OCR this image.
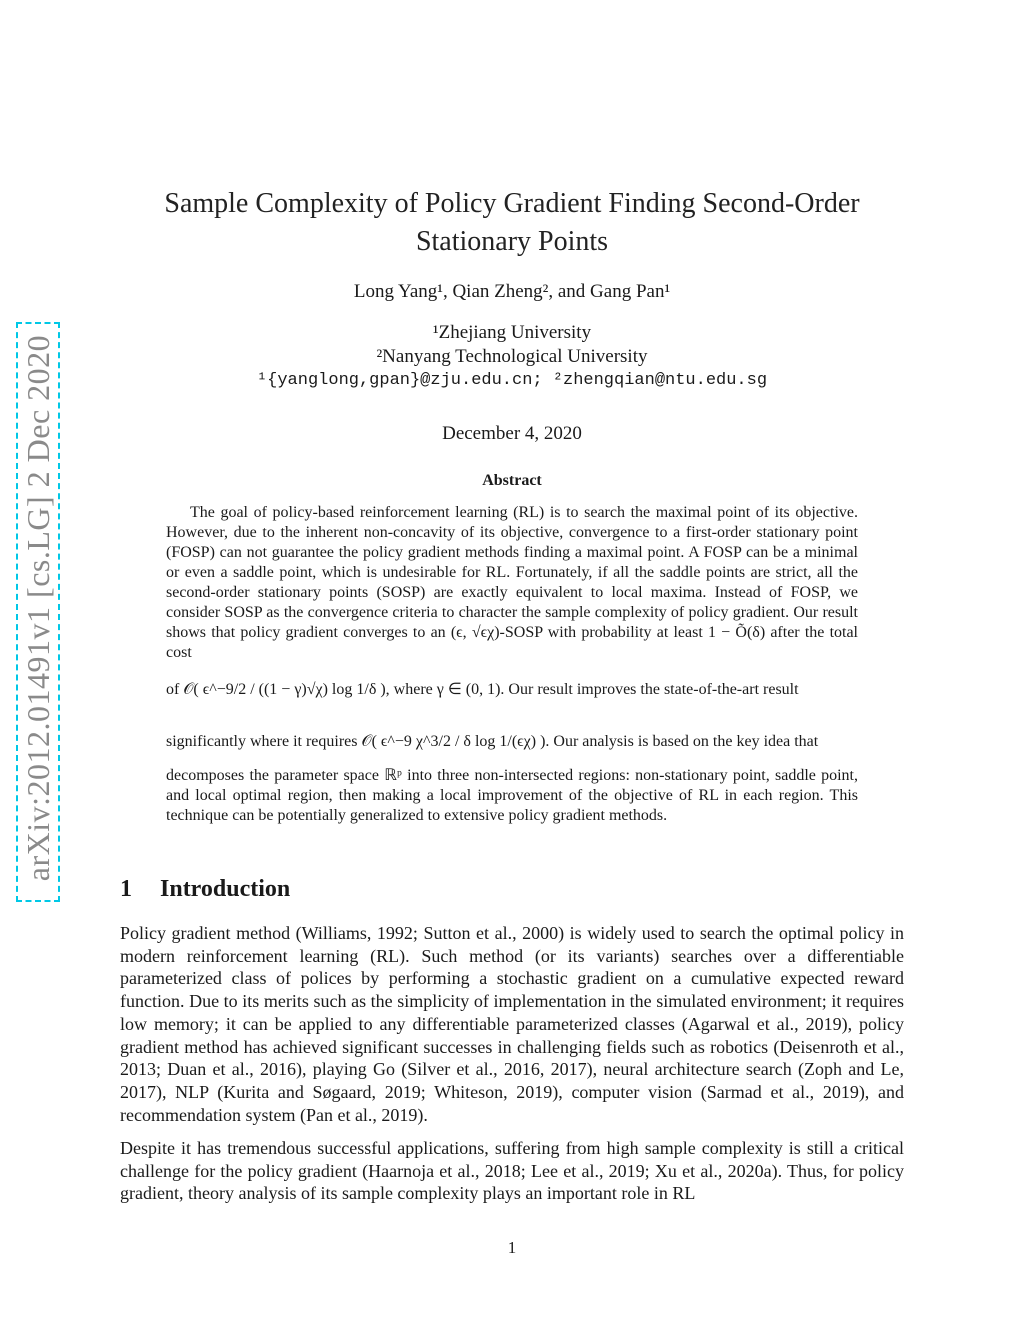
arXiv:2012.01491v1 [cs.LG] 2 Dec 2020
Sample Complexity of Policy Gradient Finding Second-Order
Stationary Points
Long Yang¹, Qian Zheng², and Gang Pan¹
¹Zhejiang University
²Nanyang Technological University
¹{yanglong,gpan}@zju.edu.cn; ²zhengqian@ntu.edu.sg
December 4, 2020
Abstract
The goal of policy-based reinforcement learning (RL) is to search the maximal point of its objective. However, due to the inherent non-concavity of its objective, convergence to a first-order stationary point (FOSP) can not guarantee the policy gradient methods finding a maximal point. A FOSP can be a minimal or even a saddle point, which is undesirable for RL. Fortunately, if all the saddle points are strict, all the second-order stationary points (SOSP) are exactly equivalent to local maxima. Instead of FOSP, we consider SOSP as the convergence criteria to character the sample complexity of policy gradient. Our result shows that policy gradient converges to an (ϵ, √ϵχ)-SOSP with probability at least 1 − Õ(δ) after the total cost
of 𝒪( ϵ^−9/2 / ((1 − γ)√χ) log 1/δ ), where γ ∈ (0, 1). Our result improves the state-of-the-art result
significantly where it requires 𝒪( ϵ^−9 χ^3/2 / δ log 1/(ϵχ) ). Our analysis is based on the key idea that
decomposes the parameter space ℝᵖ into three non-intersected regions: non-stationary point, saddle point, and local optimal region, then making a local improvement of the objective of RL in each region. This technique can be potentially generalized to extensive policy gradient methods.
1 Introduction
Policy gradient method (Williams, 1992; Sutton et al., 2000) is widely used to search the optimal policy in modern reinforcement learning (RL). Such method (or its variants) searches over a differentiable parameterized class of polices by performing a stochastic gradient on a cumulative expected reward function. Due to its merits such as the simplicity of implementation in the simulated environment; it requires low memory; it can be applied to any differentiable parameterized classes (Agarwal et al., 2019), policy gradient method has achieved significant successes in challenging fields such as robotics (Deisenroth et al., 2013; Duan et al., 2016), playing Go (Silver et al., 2016, 2017), neural architecture search (Zoph and Le, 2017), NLP (Kurita and Søgaard, 2019; Whiteson, 2019), computer vision (Sarmad et al., 2019), and recommendation system (Pan et al., 2019).
Despite it has tremendous successful applications, suffering from high sample complexity is still a critical challenge for the policy gradient (Haarnoja et al., 2018; Lee et al., 2019; Xu et al., 2020a). Thus, for policy gradient, theory analysis of its sample complexity plays an important role in RL
1
